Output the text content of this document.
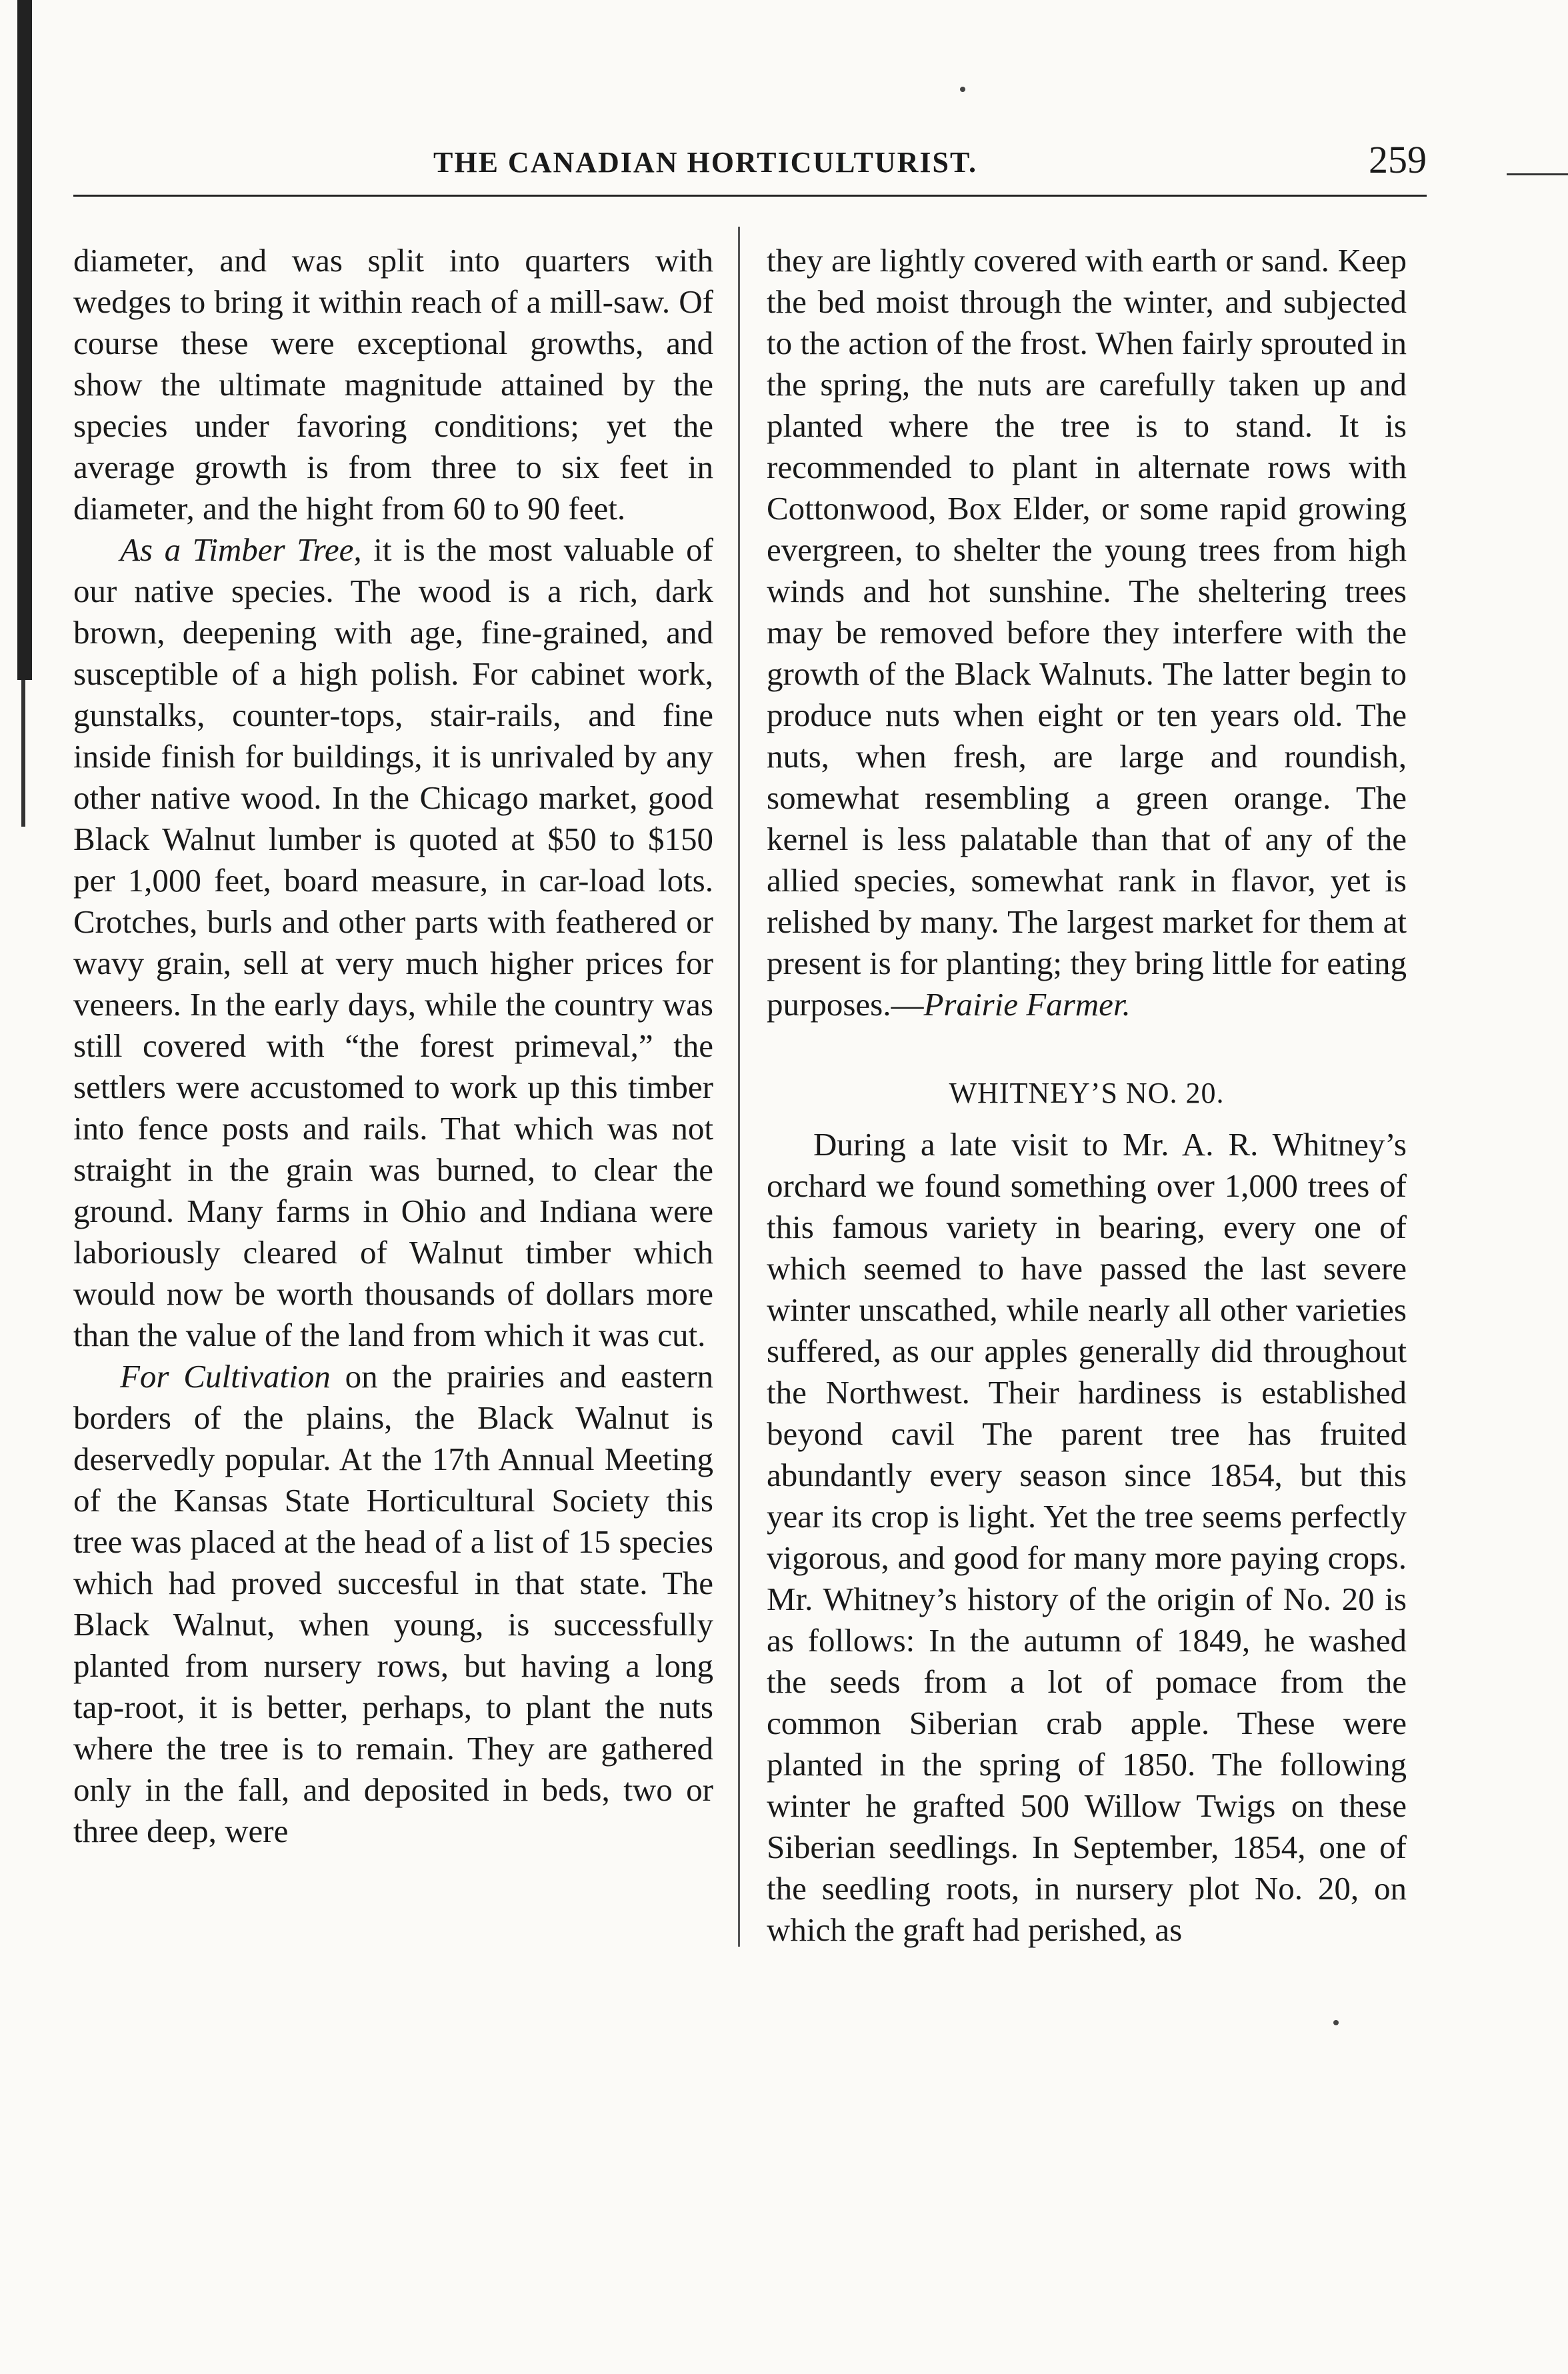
THE CANADIAN HORTICULTURIST.	259

diameter, and was split into quarters with wedges to bring it within reach of a mill-saw. Of course these were exceptional growths, and show the ultimate magnitude attained by the species under favoring conditions; yet the average growth is from three to six feet in diameter, and the hight from 60 to 90 feet.

As a Timber Tree, it is the most valuable of our native species. The wood is a rich, dark brown, deepening with age, fine-grained, and susceptible of a high polish. For cabinet work, gunstalks, counter-tops, stair-rails, and fine inside finish for buildings, it is unrivaled by any other native wood. In the Chicago market, good Black Walnut lumber is quoted at $50 to $150 per 1,000 feet, board measure, in car-load lots. Crotches, burls and other parts with feathered or wavy grain, sell at very much higher prices for veneers. In the early days, while the country was still covered with “the forest primeval,” the settlers were accustomed to work up this timber into fence posts and rails. That which was not straight in the grain was burned, to clear the ground. Many farms in Ohio and Indiana were laboriously cleared of Walnut timber which would now be worth thousands of dollars more than the value of the land from which it was cut.

For Cultivation on the prairies and eastern borders of the plains, the Black Walnut is deservedly popular. At the 17th Annual Meeting of the Kansas State Horticultural Society this tree was placed at the head of a list of 15 species which had proved succesful in that state. The Black Walnut, when young, is successfully planted from nursery rows, but having a long tap-root, it is better, perhaps, to plant the nuts where the tree is to remain. They are gathered only in the fall, and deposited in beds, two or three deep, were

they are lightly covered with earth or sand. Keep the bed moist through the winter, and subjected to the action of the frost. When fairly sprouted in the spring, the nuts are carefully taken up and planted where the tree is to stand. It is recommended to plant in alternate rows with Cottonwood, Box Elder, or some rapid growing evergreen, to shelter the young trees from high winds and hot sunshine. The sheltering trees may be removed before they interfere with the growth of the Black Walnuts. The latter begin to produce nuts when eight or ten years old. The nuts, when fresh, are large and roundish, somewhat resembling a green orange. The kernel is less palatable than that of any of the allied species, somewhat rank in flavor, yet is relished by many. The largest market for them at present is for planting; they bring little for eating purposes.—Prairie Farmer.

WHITNEY’S NO. 20.

During a late visit to Mr. A. R. Whitney’s orchard we found something over 1,000 trees of this famous variety in bearing, every one of which seemed to have passed the last severe winter unscathed, while nearly all other varieties suffered, as our apples generally did throughout the Northwest. Their hardiness is established beyond cavil The parent tree has fruited abundantly every season since 1854, but this year its crop is light. Yet the tree seems perfectly vigorous, and good for many more paying crops. Mr. Whitney’s history of the origin of No. 20 is as follows: In the autumn of 1849, he washed the seeds from a lot of pomace from the common Siberian crab apple. These were planted in the spring of 1850. The following winter he grafted 500 Willow Twigs on these Siberian seedlings. In September, 1854, one of the seedling roots, in nursery plot No. 20, on which the graft had perished, as
